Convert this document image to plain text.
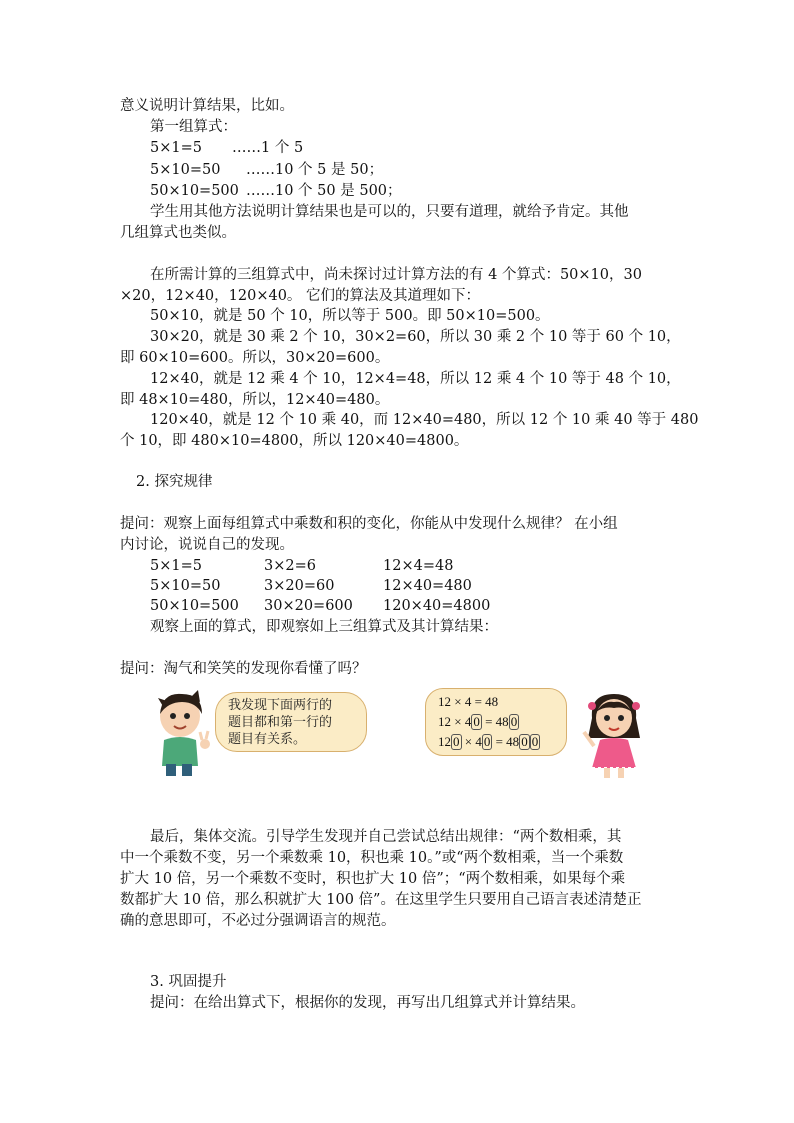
意义说明计算结果，比如。
第一组算式：
5×1=5 ……1 个 5
5×10=50 ……10 个 5 是 50；
50×10=500 ……10 个 50 是 500；
学生用其他方法说明计算结果也是可以的，只要有道理，就给予肯定。其他
几组算式也类似。
在所需计算的三组算式中，尚未探讨过计算方法的有 4 个算式：50×10，30
×20，12×40，120×40。 它们的算法及其道理如下：
50×10，就是 50 个 10，所以等于 500。即 50×10=500。
30×20，就是 30 乘 2 个 10，30×2=60，所以 30 乘 2 个 10 等于 60 个 10，
即 60×10=600。所以，30×20=600。
12×40，就是 12 乘 4 个 10，12×4=48，所以 12 乘 4 个 10 等于 48 个 10，
即 48×10=480，所以，12×40=480。
120×40，就是 12 个 10 乘 40，而 12×40=480，所以 12 个 10 乘 40 等于 480
个 10，即 480×10=4800，所以 120×40=4800。
2. 探究规律
提问：观察上面每组算式中乘数和积的变化，你能从中发现什么规律？ 在小组
内讨论，说说自己的发现。
5×1=5	3×2=6	12×4=48
5×10=50	3×20=60	12×40=480
50×10=500 30×20=600 120×40=4800
观察上面的算式，即观察如上三组算式及其计算结果：
提问：淘气和笑笑的发现你看懂了吗？
我发现下面两行的
题目都和第一行的
题目有关系。
12 × 4 = 48
12 × 4 0 = 48 0
12 0 × 4 0 = 48 0 0
最后，集体交流。引导学生发现并自己尝试总结出规律：“两个数相乘，其
中一个乘数不变，另一个乘数乘 10，积也乘 10。”或“两个数相乘，当一个乘数
扩大 10 倍，另一个乘数不变时，积也扩大 10 倍”；“两个数相乘，如果每个乘
数都扩大 10 倍，那么积就扩大 100 倍”。在这里学生只要用自己语言表述清楚正
确的意思即可，不必过分强调语言的规范。
3. 巩固提升
提问：在给出算式下，根据你的发现，再写出几组算式并计算结果。
